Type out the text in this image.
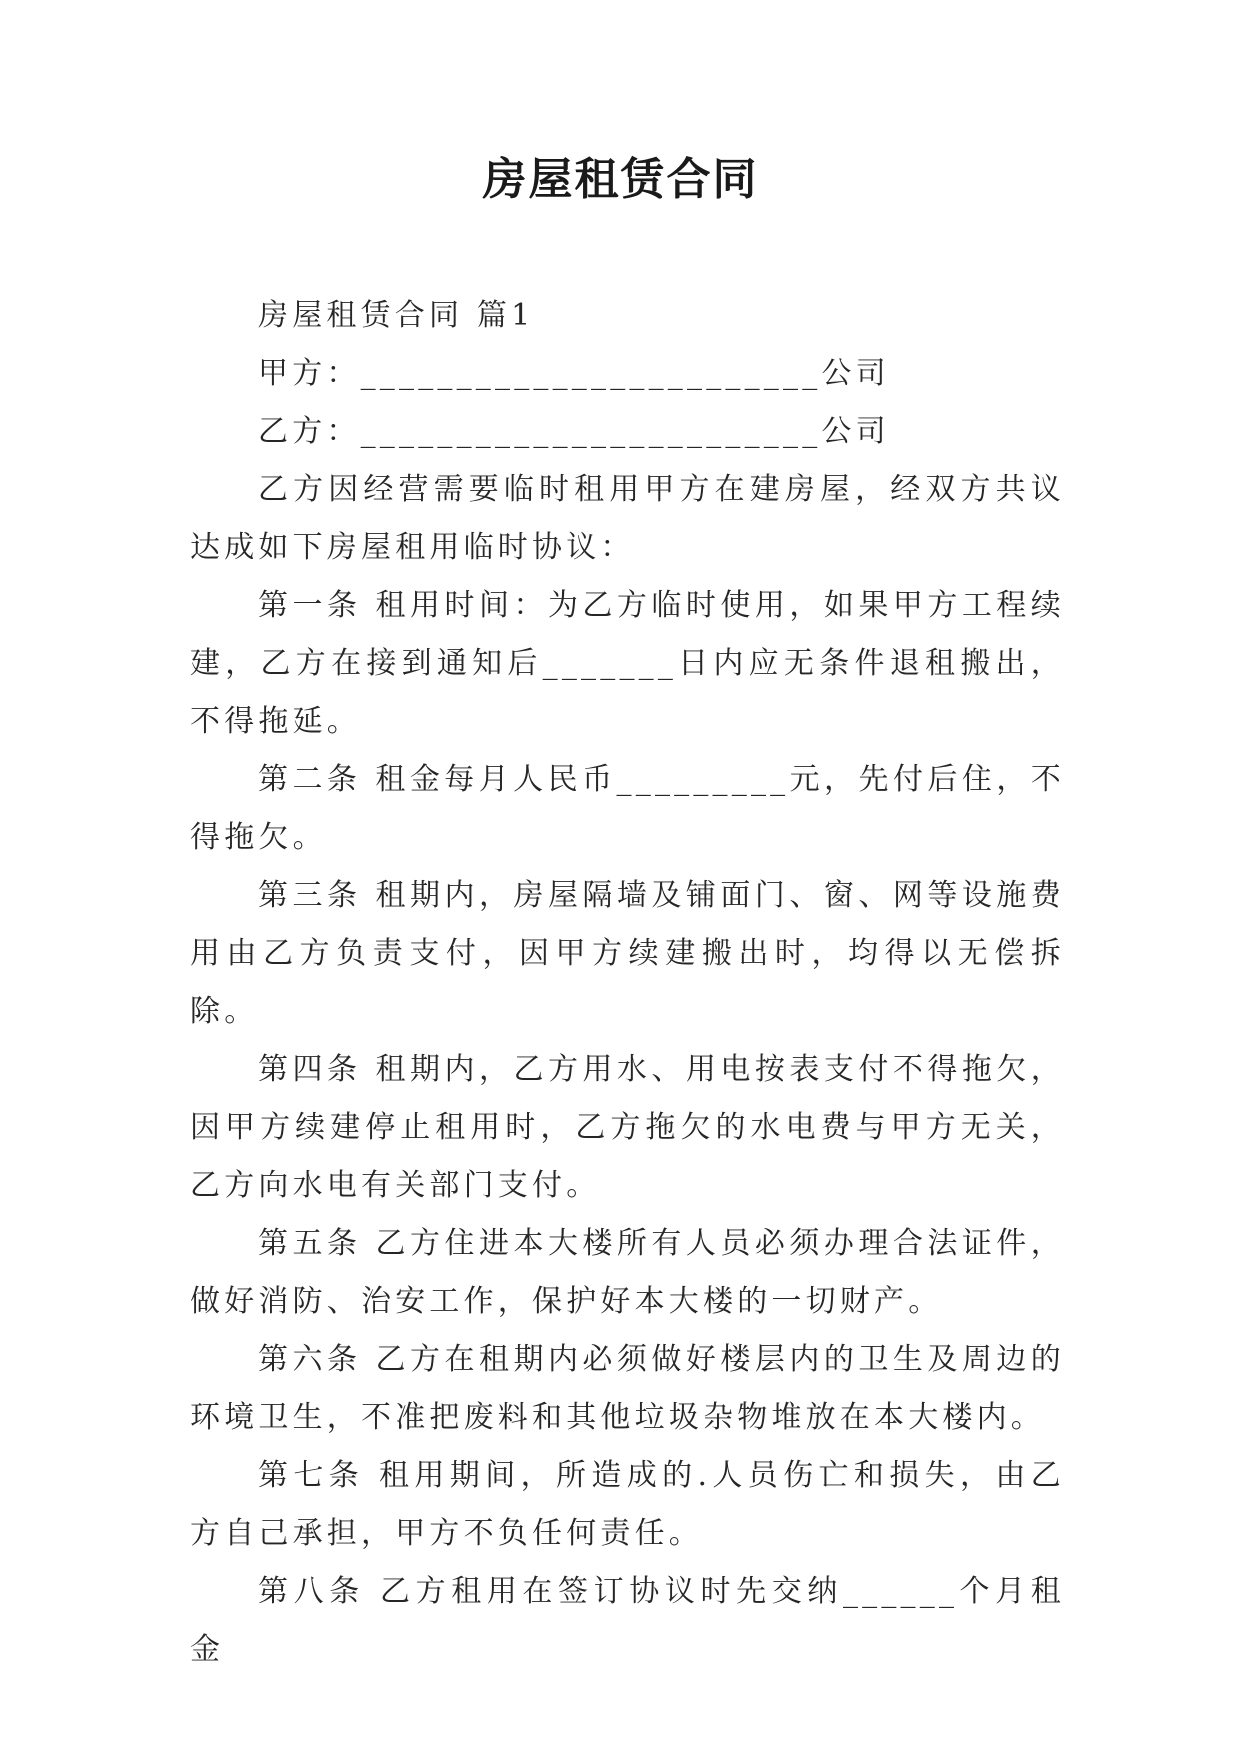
房屋租赁合同

房屋租赁合同 篇1

甲方：________________________公司

乙方：________________________公司

乙方因经营需要临时租用甲方在建房屋，经双方共议达成如下房屋租用临时协议：

第一条 租用时间：为乙方临时使用，如果甲方工程续建，乙方在接到通知后_______日内应无条件退租搬出，不得拖延。

第二条 租金每月人民币_________元，先付后住，不得拖欠。

第三条 租期内，房屋隔墙及铺面门、窗、网等设施费用由乙方负责支付，因甲方续建搬出时，均得以无偿拆除。

第四条 租期内，乙方用水、用电按表支付不得拖欠，因甲方续建停止租用时，乙方拖欠的水电费与甲方无关，乙方向水电有关部门支付。

第五条 乙方住进本大楼所有人员必须办理合法证件，做好消防、治安工作，保护好本大楼的一切财产。

第六条 乙方在租期内必须做好楼层内的卫生及周边的环境卫生，不准把废料和其他垃圾杂物堆放在本大楼内。

第七条 租用期间，所造成的.人员伤亡和损失，由乙方自己承担，甲方不负任何责任。

第八条 乙方租用在签订协议时先交纳______个月租金
